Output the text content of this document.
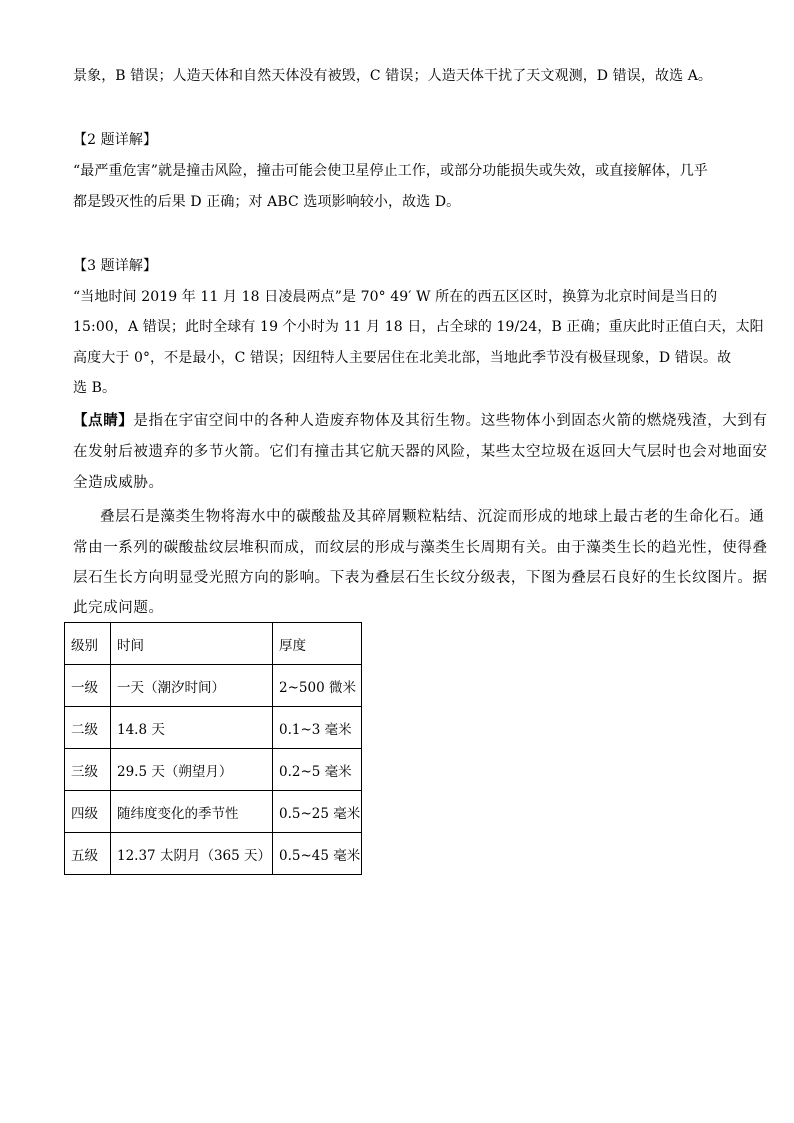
景象，B 错误；人造天体和自然天体没有被毁，C 错误；人造天体干扰了天文观测，D 错误，故选 A。
【2 题详解】
“最严重危害”就是撞击风险，撞击可能会使卫星停止工作，或部分功能损失或失效，或直接解体，几乎
都是毁灭性的后果 D 正确；对 ABC 选项影响较小，故选 D。
【3 题详解】
“当地时间 2019 年 11 月 18 日凌晨两点”是 70° 49′ W 所在的西五区区时，换算为北京时间是当日的
15:00，A 错误；此时全球有 19 个小时为 11 月 18 日，占全球的 19/24，B 正确；重庆此时正值白天，太阳
高度大于 0°，不是最小，C 错误；因纽特人主要居住在北美北部，当地此季节没有极昼现象，D 错误。故
选 B。
【点睛】是指在宇宙空间中的各种人造废弃物体及其衍生物。这些物体小到固态火箭的燃烧残渣，大到有
在发射后被遗弃的多节火箭。它们有撞击其它航天器的风险，某些太空垃圾在返回大气层时也会对地面安
全造成威胁。
叠层石是藻类生物将海水中的碳酸盐及其碎屑颗粒粘结、沉淀而形成的地球上最古老的生命化石。通
常由一系列的碳酸盐纹层堆积而成，而纹层的形成与藻类生长周期有关。由于藻类生长的趋光性，使得叠
层石生长方向明显受光照方向的影响。下表为叠层石生长纹分级表，下图为叠层石良好的生长纹图片。据
此完成问题。
级别	时间	厚度
一级	一天（潮汐时间）	2~500 微米
二级	14.8 天	0.1~3 毫米
三级	29.5 天（朔望月）	0.2~5 毫米
四级	随纬度变化的季节性	0.5~25 毫米
五级	12.37 太阴月（365 天）	0.5~45 毫米
